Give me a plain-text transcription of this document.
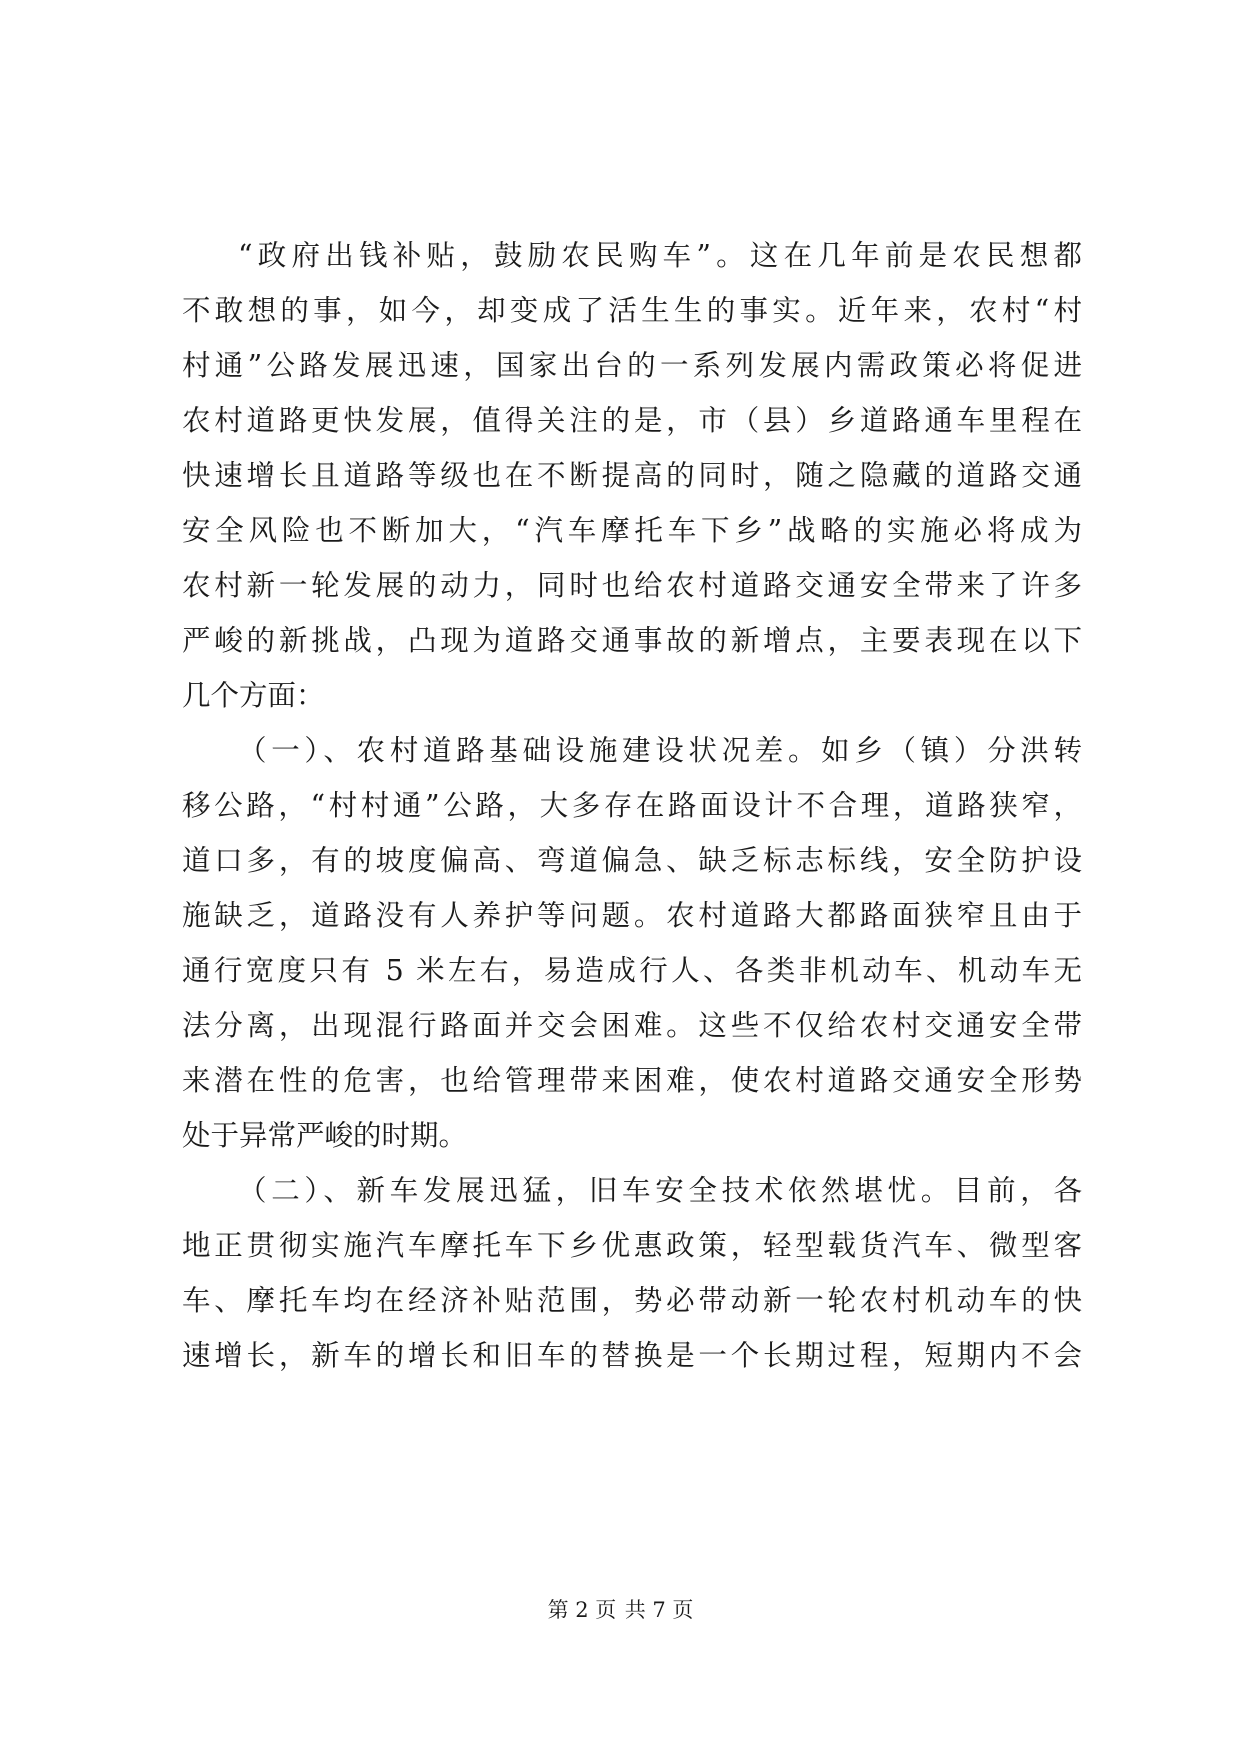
“政府出钱补贴，鼓励农民购车”。这在几年前是农民想都
不敢想的事，如今，却变成了活生生的事实。近年来，农村“村
村通”公路发展迅速，国家出台的一系列发展内需政策必将促进
农村道路更快发展，值得关注的是，市（县）乡道路通车里程在
快速增长且道路等级也在不断提高的同时，随之隐藏的道路交通
安全风险也不断加大，“汽车摩托车下乡”战略的实施必将成为
农村新一轮发展的动力，同时也给农村道路交通安全带来了许多
严峻的新挑战，凸现为道路交通事故的新增点，主要表现在以下
几个方面：
（一）、农村道路基础设施建设状况差。如乡（镇）分洪转
移公路，“村村通”公路，大多存在路面设计不合理，道路狭窄，
道口多，有的坡度偏高、弯道偏急、缺乏标志标线，安全防护设
施缺乏，道路没有人养护等问题。农村道路大都路面狭窄且由于
通行宽度只有 5 米左右，易造成行人、各类非机动车、机动车无
法分离，出现混行路面并交会困难。这些不仅给农村交通安全带
来潜在性的危害，也给管理带来困难，使农村道路交通安全形势
处于异常严峻的时期。
（二）、新车发展迅猛，旧车安全技术依然堪忧。目前，各
地正贯彻实施汽车摩托车下乡优惠政策，轻型载货汽车、微型客
车、摩托车均在经济补贴范围，势必带动新一轮农村机动车的快
速增长，新车的增长和旧车的替换是一个长期过程，短期内不会
第 2 页 共 7 页
